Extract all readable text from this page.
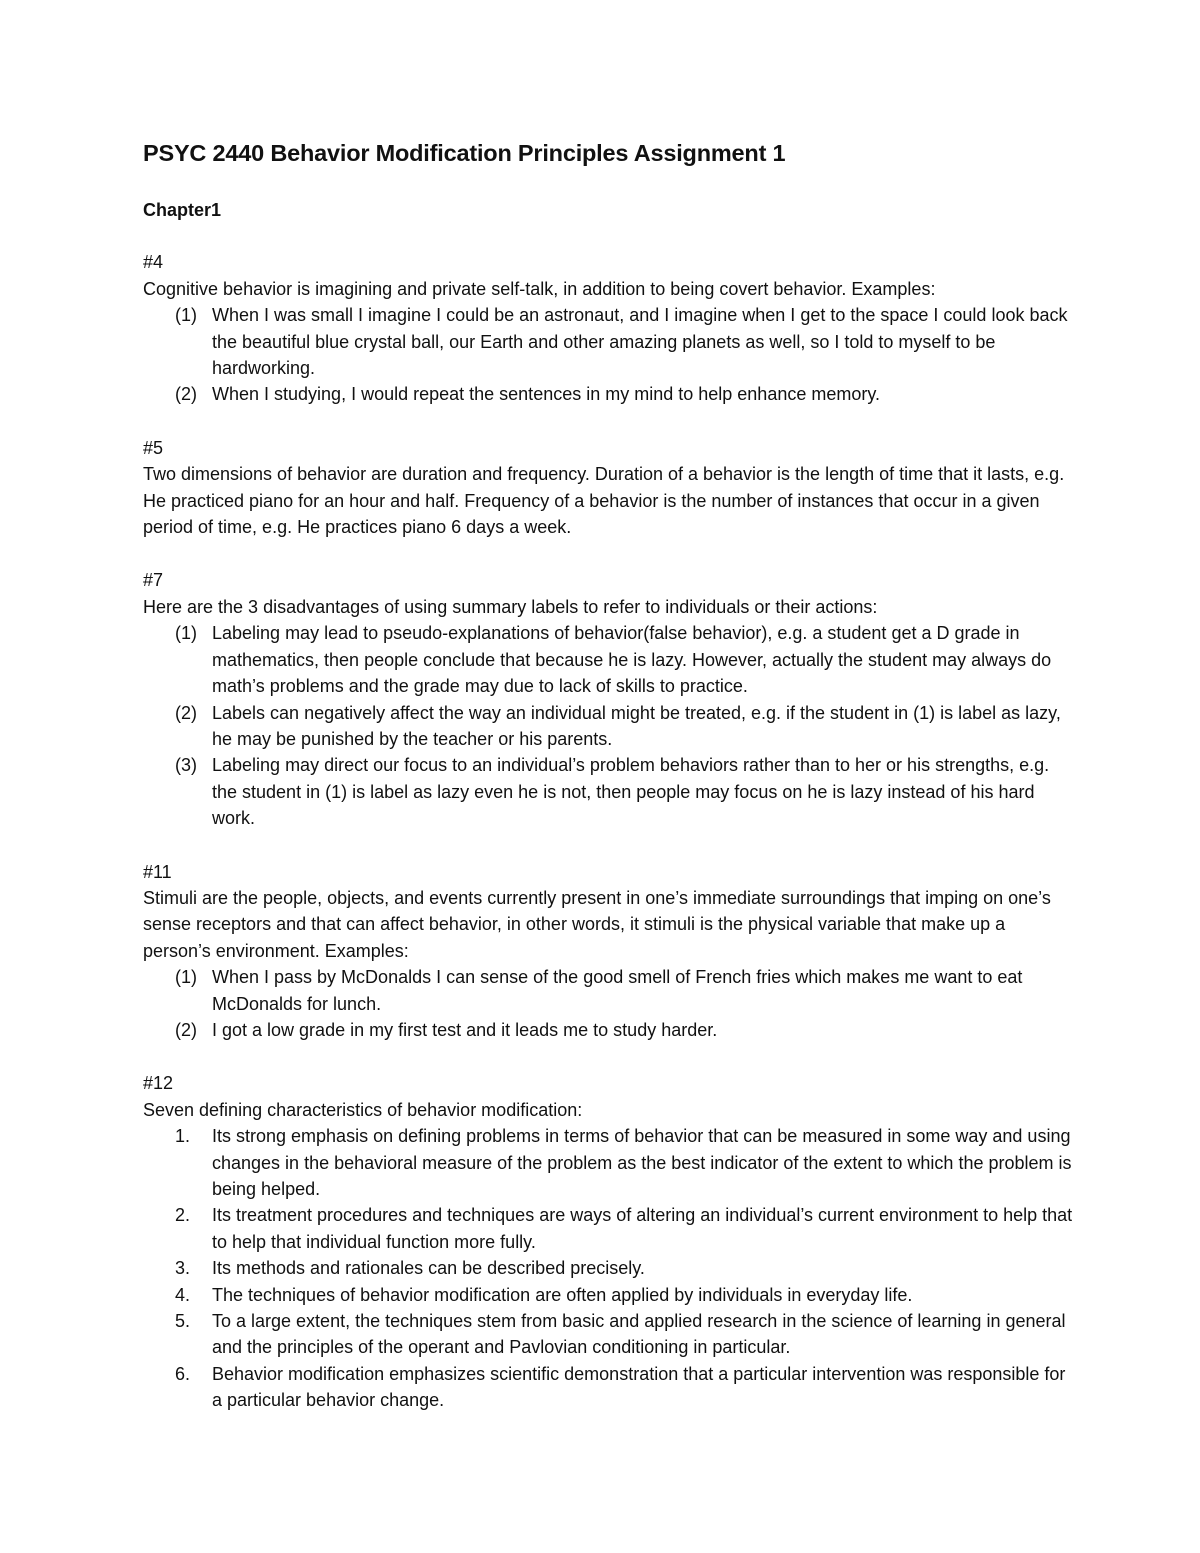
PSYC 2440 Behavior Modification Principles Assignment 1

Chapter1

#4
Cognitive behavior is imagining and private self-talk, in addition to being covert behavior. Examples:
(1) When I was small I imagine I could be an astronaut, and I imagine when I get to the space I could look back the beautiful blue crystal ball, our Earth and other amazing planets as well, so I told to myself to be hardworking.
(2) When I studying, I would repeat the sentences in my mind to help enhance memory.
#5
Two dimensions of behavior are duration and frequency. Duration of a behavior is the length of time that it lasts, e.g. He practiced piano for an hour and half. Frequency of a behavior is the number of instances that occur in a given period of time, e.g. He practices piano 6 days a week.
#7
Here are the 3 disadvantages of using summary labels to refer to individuals or their actions:
(1) Labeling may lead to pseudo-explanations of behavior(false behavior), e.g. a student get a D grade in mathematics, then people conclude that because he is lazy. However, actually the student may always do math’s problems and the grade may due to lack of skills to practice.
(2) Labels can negatively affect the way an individual might be treated, e.g. if the student in (1) is label as lazy, he may be punished by the teacher or his parents.
(3) Labeling may direct our focus to an individual’s problem behaviors rather than to her or his strengths, e.g. the student in (1) is label as lazy even he is not, then people may focus on he is lazy instead of his hard work.
#11
Stimuli are the people, objects, and events currently present in one’s immediate surroundings that imping on one’s sense receptors and that can affect behavior, in other words, it stimuli is the physical variable that make up a person’s environment. Examples:
(1) When I pass by McDonalds I can sense of the good smell of French fries which makes me want to eat McDonalds for lunch.
(2) I got a low grade in my first test and it leads me to study harder.
#12
Seven defining characteristics of behavior modification:
1. Its strong emphasis on defining problems in terms of behavior that can be measured in some way and using changes in the behavioral measure of the problem as the best indicator of the extent to which the problem is being helped.
2. Its treatment procedures and techniques are ways of altering an individual’s current environment to help that to help that individual function more fully.
3. Its methods and rationales can be described precisely.
4. The techniques of behavior modification are often applied by individuals in everyday life.
5. To a large extent, the techniques stem from basic and applied research in the science of learning in general and the principles of the operant and Pavlovian conditioning in particular.
6. Behavior modification emphasizes scientific demonstration that a particular intervention was responsible for a particular behavior change.
